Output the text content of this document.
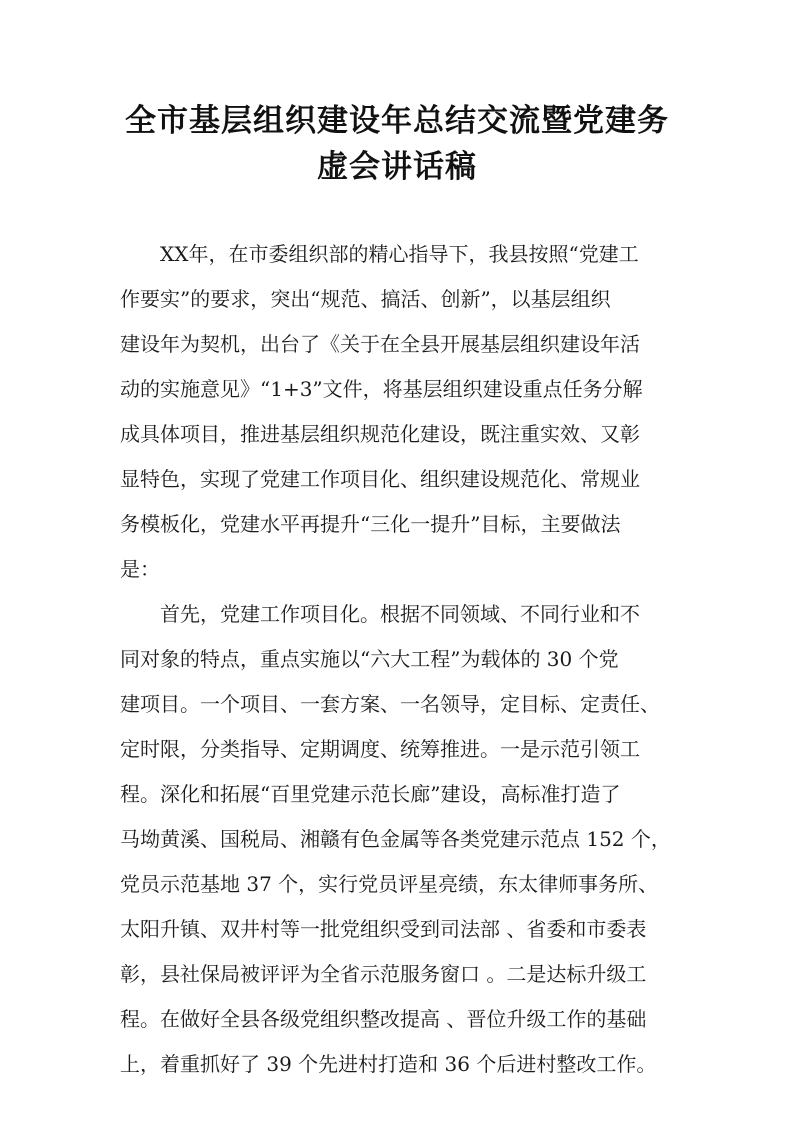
全市基层组织建设年总结交流暨党建务
虚会讲话稿
XX年，在市委组织部的精心指导下，我县按照“党建工
作要实”的要求，突出“规范、搞活、创新”，以基层组织
建设年为契机，出台了《关于在全县开展基层组织建设年活
动的实施意见》“1+3”文件，将基层组织建设重点任务分解
成具体项目，推进基层组织规范化建设，既注重实效、又彰
显特色，实现了党建工作项目化、组织建设规范化、常规业
务模板化，党建水平再提升“三化一提升”目标，主要做法
是：
首先，党建工作项目化。根据不同领域、不同行业和不
同对象的特点，重点实施以“六大工程”为载体的 30 个党
建项目。一个项目、一套方案、一名领导，定目标、定责任、
定时限，分类指导、定期调度、统筹推进。一是示范引领工
程。深化和拓展“百里党建示范长廊”建设，高标准打造了
马坳黄溪、国税局、湘赣有色金属等各类党建示范点 152 个，
党员示范基地 37 个，实行党员评星亮绩，东太律师事务所、
太阳升镇、双井村等一批党组织受到司法部 、省委和市委表
彰，县社保局被评评为全省示范服务窗口 。二是达标升级工
程。在做好全县各级党组织整改提高 、晋位升级工作的基础
上，着重抓好了 39 个先进村打造和 36 个后进村整改工作。
